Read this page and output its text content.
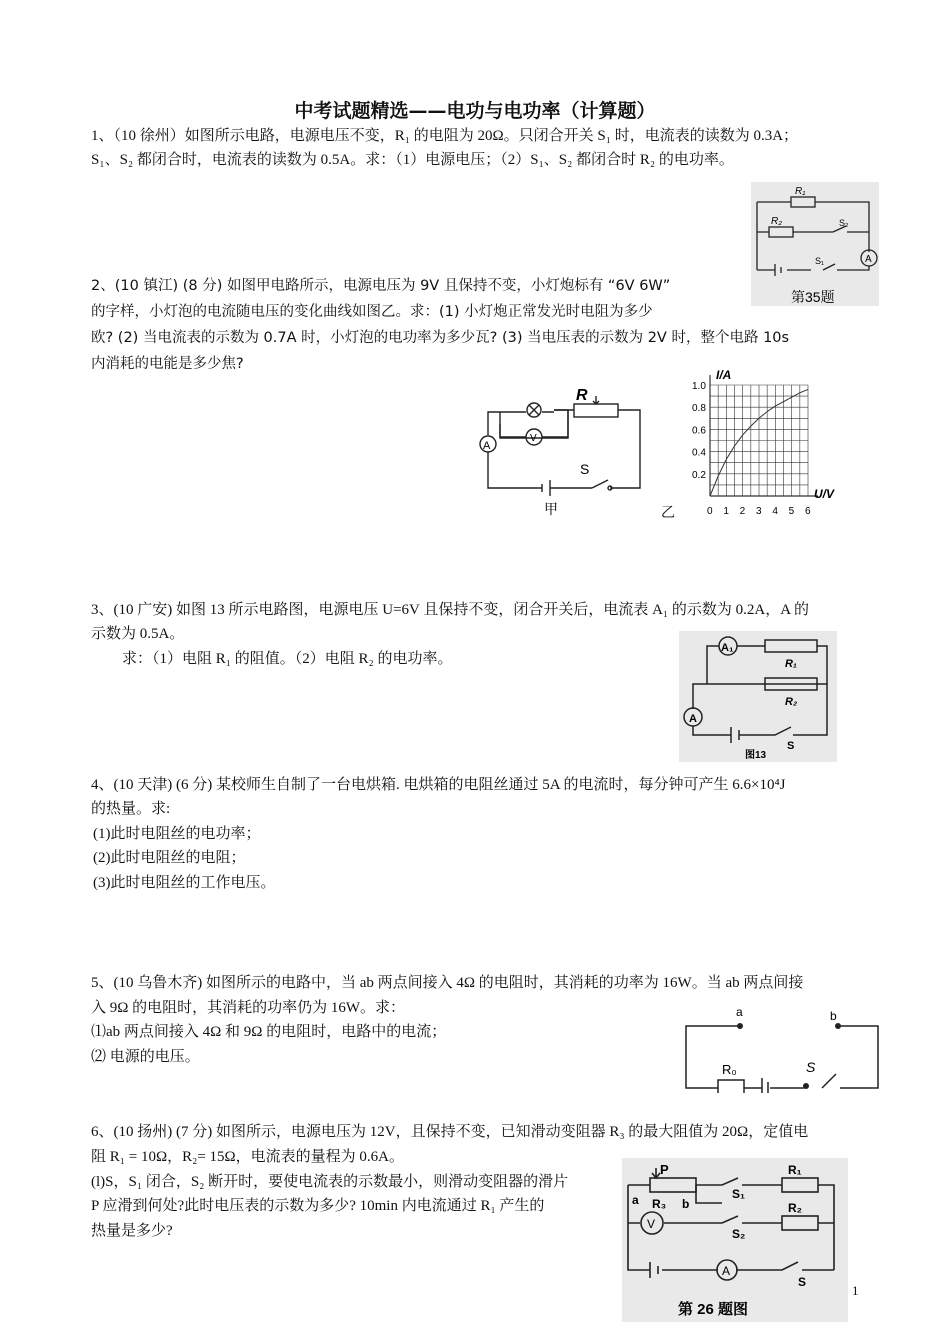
中考试题精选——电功与电功率（计算题）
1、（10 徐州）如图所示电路，电源电压不变，R₁ 的电阻为 20Ω。只闭合开关 S₁ 时，电流表的读数为 0.3A；
S₁、S₂ 都闭合时，电流表的读数为 0.5A。求：（1）电源电压；（2）S₁、S₂ 都闭合时 R₂ 的电功率。
R₁
R₂	S₂
S₁	A
第35题
2、(10 镇江) (8 分) 如图甲电路所示，电源电压为 9V 且保持不变，小灯炮标有 “6V 6W”
的字样，小灯泡的电流随电压的变化曲线如图乙。求：(1) 小灯炮正常发光时电阻为多少
欧? (2) 当电流表的示数为 0.7A 时，小灯泡的电功率为多少瓦? (3) 当电压表的示数为 2V 时，整个电路 10s
内消耗的电能是多少焦?
R
S
A
V
甲	乙	0 1 2 3 4 5 6
0.2
0.4
0.6
0.8
1.0
I/A
U/V
3、(10 广安) 如图 13 所示电路图，电源电压 U=6V 且保持不变，闭合开关后，电流表 A₁ 的示数为 0.2A，A 的
示数为 0.5A。
求：（1）电阻 R₁ 的阻值。（2）电阻 R₂ 的电功率。
A₁
A
R₁
R₂
S
图13
4、(10 天津) (6 分) 某校师生自制了一台电烘箱. 电烘箱的电阻丝通过 5A 的电流时，每分钟可产生 6.6×10⁴J
的热量。求:
(1)此时电阻丝的电功率；
(2)此时电阻丝的电阻；
(3)此时电阻丝的工作电压。
5、(10 乌鲁木齐) 如图所示的电路中，当 ab 两点间接入 4Ω 的电阻时，其消耗的功率为 16W。当 ab 两点间接
入 9Ω 的电阻时，其消耗的功率仍为 16W。求：
⑴ab 两点间接入 4Ω 和 9Ω 的电阻时，电路中的电流；
⑵ 电源的电压。
a	b
R₀	S
6、(10 扬州) (7 分) 如图所示，电源电压为 12V，且保持不变，已知滑动变阻器 R₃ 的最大阻值为 20Ω，定值电
阻 R₁ = 10Ω，R₂= 15Ω，电流表的量程为 0.6A。
(l)S，S₁ 闭合，S₂ 断开时，要使电流表的示数最小，则滑动变阻器的滑片
P 应滑到何处?此时电压表的示数为多少? 10min 内电流通过 R₁ 产生的
热量是多少?
P
R₃
a	b
S₁
S₂
R₁
R₂
V
A
S
第 26 题图
1
